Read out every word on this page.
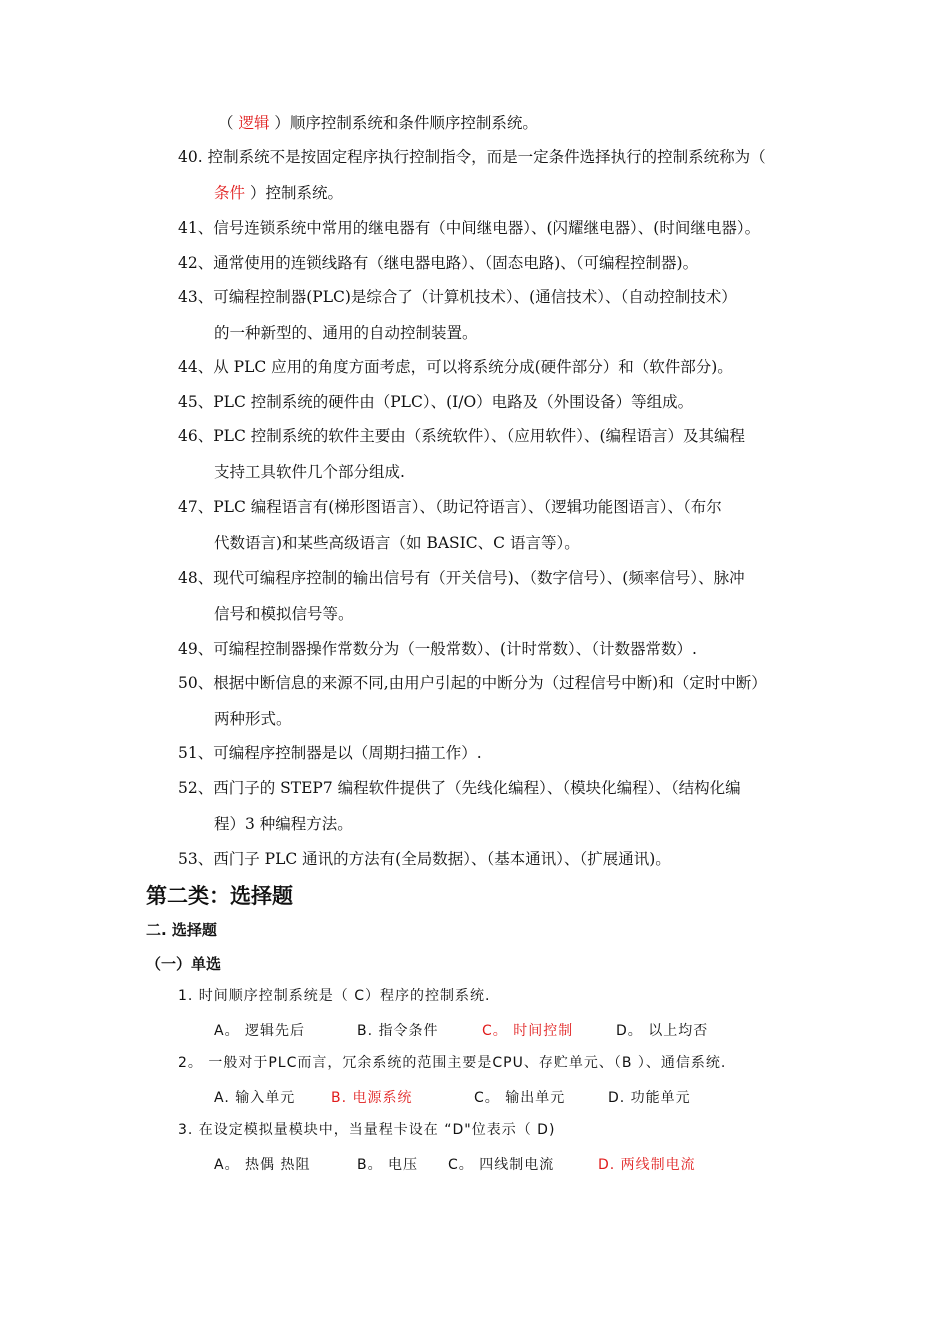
（ 逻辑 ）顺序控制系统和条件顺序控制系统。
40. 控制系统不是按固定程序执行控制指令，而是一定条件选择执行的控制系统称为（
条件 ）控制系统。
41、信号连锁系统中常用的继电器有（中间继电器）、(闪耀继电器）、(时间继电器）。
42、通常使用的连锁线路有（继电器电路）、（固态电路)、（可编程控制器)。
43、可编程控制器(PLC)是综合了（计算机技术）、(通信技术）、（自动控制技术）
的一种新型的、通用的自动控制装置。
44、从 PLC 应用的角度方面考虑，可以将系统分成(硬件部分）和（软件部分)。
45、PLC 控制系统的硬件由（PLC）、(I/O）电路及（外围设备）等组成。
46、PLC 控制系统的软件主要由（系统软件）、（应用软件）、(编程语言）及其编程
支持工具软件几个部分组成.
47、PLC 编程语言有(梯形图语言）、（助记符语言）、（逻辑功能图语言）、（布尔
代数语言)和某些高级语言（如 BASIC、C 语言等）。
48、现代可编程序控制的输出信号有（开关信号)、（数字信号）、(频率信号）、脉冲
信号和模拟信号等。
49、可编程控制器操作常数分为（一般常数）、(计时常数）、（计数器常数）.
50、根据中断信息的来源不同,由用户引起的中断分为（过程信号中断)和（定时中断）
两种形式。
51、可编程序控制器是以（周期扫描工作）.
52、西门子的 STEP7 编程软件提供了（先线化编程）、（模块化编程）、（结构化编
程）3 种编程方法。
53、西门子 PLC 通讯的方法有(全局数据）、（基本通讯）、（扩展通讯)。
第二类：选择题
二. 选择题
（一）单选
1. 时间顺序控制系统是（ C）程序的控制系统.
A。 逻辑先后	B. 指令条件	C。 时间控制	D。 以上均否
2。 一般对于PLC而言，冗余系统的范围主要是CPU、存贮单元、（B ）、通信系统.
A. 输入单元	B. 电源系统	C。 输出单元	D. 功能单元
3. 在设定模拟量模块中，当量程卡设在 “D"位表示（ D)
A。 热偶 热阻	B。 电压 C。 四线制电流	D. 两线制电流
